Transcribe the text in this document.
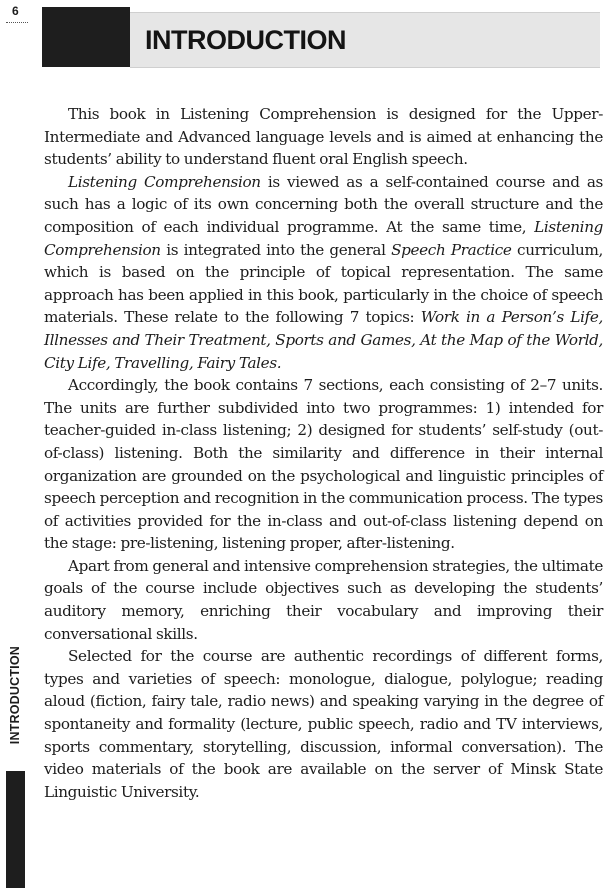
6
INTRODUCTION
INTRODUCTION

This book in Listening Comprehension is designed for the Upper-Intermediate and Advanced language levels and is aimed at enhancing the students’ ability to understand fluent oral English speech.

Listening Comprehension is viewed as a self-contained course and as such has a logic of its own concerning both the overall structure and the composition of each individual programme. At the same time, Listening Comprehension is integrated into the general Speech Practice curriculum, which is based on the principle of topical representation. The same approach has been applied in this book, particularly in the choice of speech materials. These relate to the following 7 topics: Work in a Person’s Life, Illnesses and Their Treatment, Sports and Games, At the Map of the World, City Life, Travelling, Fairy Tales.

Accordingly, the book contains 7 sections, each consisting of 2–7 units. The units are further subdivided into two programmes: 1) intended for teacher-guided in-class listening; 2) designed for students’ self-study (out-of-class) listening. Both the similarity and difference in their internal organization are grounded on the psychological and linguistic principles of speech perception and recognition in the communication process. The types of activities provided for the in-class and out-of-class listening depend on the stage: pre-listening, listening proper, after-listening.

Apart from general and intensive comprehension strategies, the ultimate goals of the course include objectives such as developing the students’ auditory memory, enriching their vocabulary and improving their conversational skills.

Selected for the course are authentic recordings of different forms, types and varieties of speech: monologue, dialogue, polylogue; reading aloud (fiction, fairy tale, radio news) and speaking varying in the degree of spontaneity and formality (lecture, public speech, radio and TV interviews, sports commentary, storytelling, discussion, informal conversation). The video materials of the book are available on the server of Minsk State Linguistic University.
